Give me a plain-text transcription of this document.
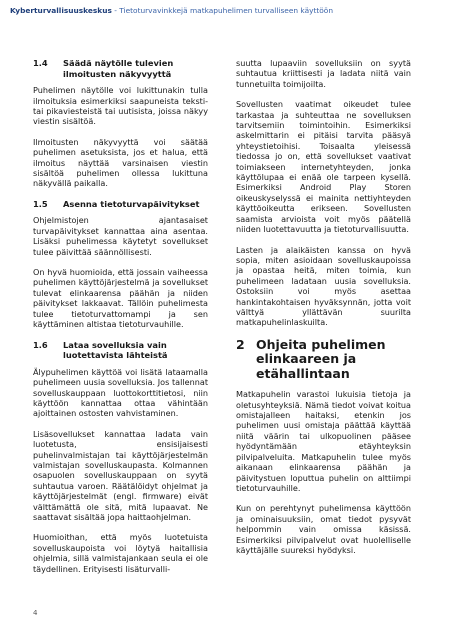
Kyberturvallisuuskeskus - Tietoturvavinkkejä matkapuhelimen turvalliseen käyttöön
1.4	Säädä näytölle tulevien ilmoitusten näkyvyyttä

Puhelimen näytölle voi lukittunakin tulla ilmoituksia esimerkiksi saapuneista teksti- tai pikaviesteistä tai uutisista, joissa näkyy viestin sisältöä.

Ilmoitusten näkyvyyttä voi säätää puhelimen asetuksista, jos et halua, että ilmoitus näyttää varsinaisen viestin sisältöä puhelimen ollessa lukittuna näkyvällä paikalla.

1.5	Asenna tietoturvapäivitykset

Ohjelmistojen ajantasaiset turvapäivitykset kannattaa aina asentaa. Lisäksi puhelimessa käytetyt sovellukset tulee päivittää säännöllisesti.

On hyvä huomioida, että jossain vaiheessa puhelimen käyttöjärjestelmä ja sovellukset tulevat elinkaarensa päähän ja niiden päivitykset lakkaavat. Tällöin puhelimesta tulee tietoturvattomampi ja sen käyttäminen altistaa tietoturvauhille.

1.6	Lataa sovelluksia vain luotettavista lähteistä

Älypuhelimen käyttöä voi lisätä lataamalla puhelimeen uusia sovelluksia. Jos tallennat sovelluskauppaan luottokorttitietosi, niin käyttöön kannattaa ottaa vähintään ajoittainen ostosten vahvistaminen.

Lisäsovellukset kannattaa ladata vain luotetusta, ensisijaisesti puhelinvalmistajan tai käyttöjärjestelmän valmistajan sovelluskaupasta. Kolmannen osapuolen sovelluskauppaan on syytä suhtautua varoen. Räätälöidyt ohjelmat ja käyttöjärjestelmät (engl. firmware) eivät välttämättä ole sitä, mitä lupaavat. Ne saattavat sisältää jopa haittaohjelman.

Huomioithan, että myös luotetuista sovelluskaupoista voi löytyä haitallisia ohjelmia, sillä valmistajankaan seula ei ole täydellinen. Erityisesti lisäturvalli-

suutta lupaaviin sovelluksiin on syytä suhtautua kriittisesti ja ladata niitä vain tunnetuilta toimijoilta.

Sovellusten vaatimat oikeudet tulee tarkastaa ja suhteuttaa ne sovelluksen tarvitsemiin toimintoihin. Esimerkiksi askelmittarin ei pitäisi tarvita pääsyä yhteystietoihisi. Toisaalta yleisessä tiedossa jo on, että sovellukset vaativat toimiakseen internetyhteyden, jonka käyttölupaa ei enää ole tarpeen kysellä. Esimerkiksi Android Play Storen oikeuskyselyssä ei mainita nettiyhteyden käyttöoikeutta erikseen. Sovellusten saamista arvioista voit myös päätellä niiden luotettavuutta ja tietoturvallisuutta.

Lasten ja alaikäisten kanssa on hyvä sopia, miten asioidaan sovelluskaupoissa ja opastaa heitä, miten toimia, kun puhelimeen ladataan uusia sovelluksia. Ostoksiin voi myös asettaa hankintakohtaisen hyväksynnän, jotta voit välttyä yllättävän suurilta matkapuhelinlaskuilta.

2 Ohjeita puhelimen elinkaareen ja etähallintaan

Matkapuhelin varastoi lukuisia tietoja ja oletusyhteyksiä. Nämä tiedot voivat koitua omistajalleen haitaksi, etenkin jos puhelimen uusi omistaja päättää käyttää niitä väärin tai ulkopuolinen pääsee hyödyntämään etäyhteyksin pilvipalveluita. Matkapuhelin tulee myös aikanaan elinkaarensa päähän ja päivitystuen loputtua puhelin on alttiimpi tietoturvauhille.

Kun on perehtynyt puhelimensa käyttöön ja ominaisuuksiin, omat tiedot pysyvät helpommin vain omissa käsissä. Esimerkiksi pilvipalvelut ovat huolelliselle käyttäjälle suureksi hyödyksi.

4
